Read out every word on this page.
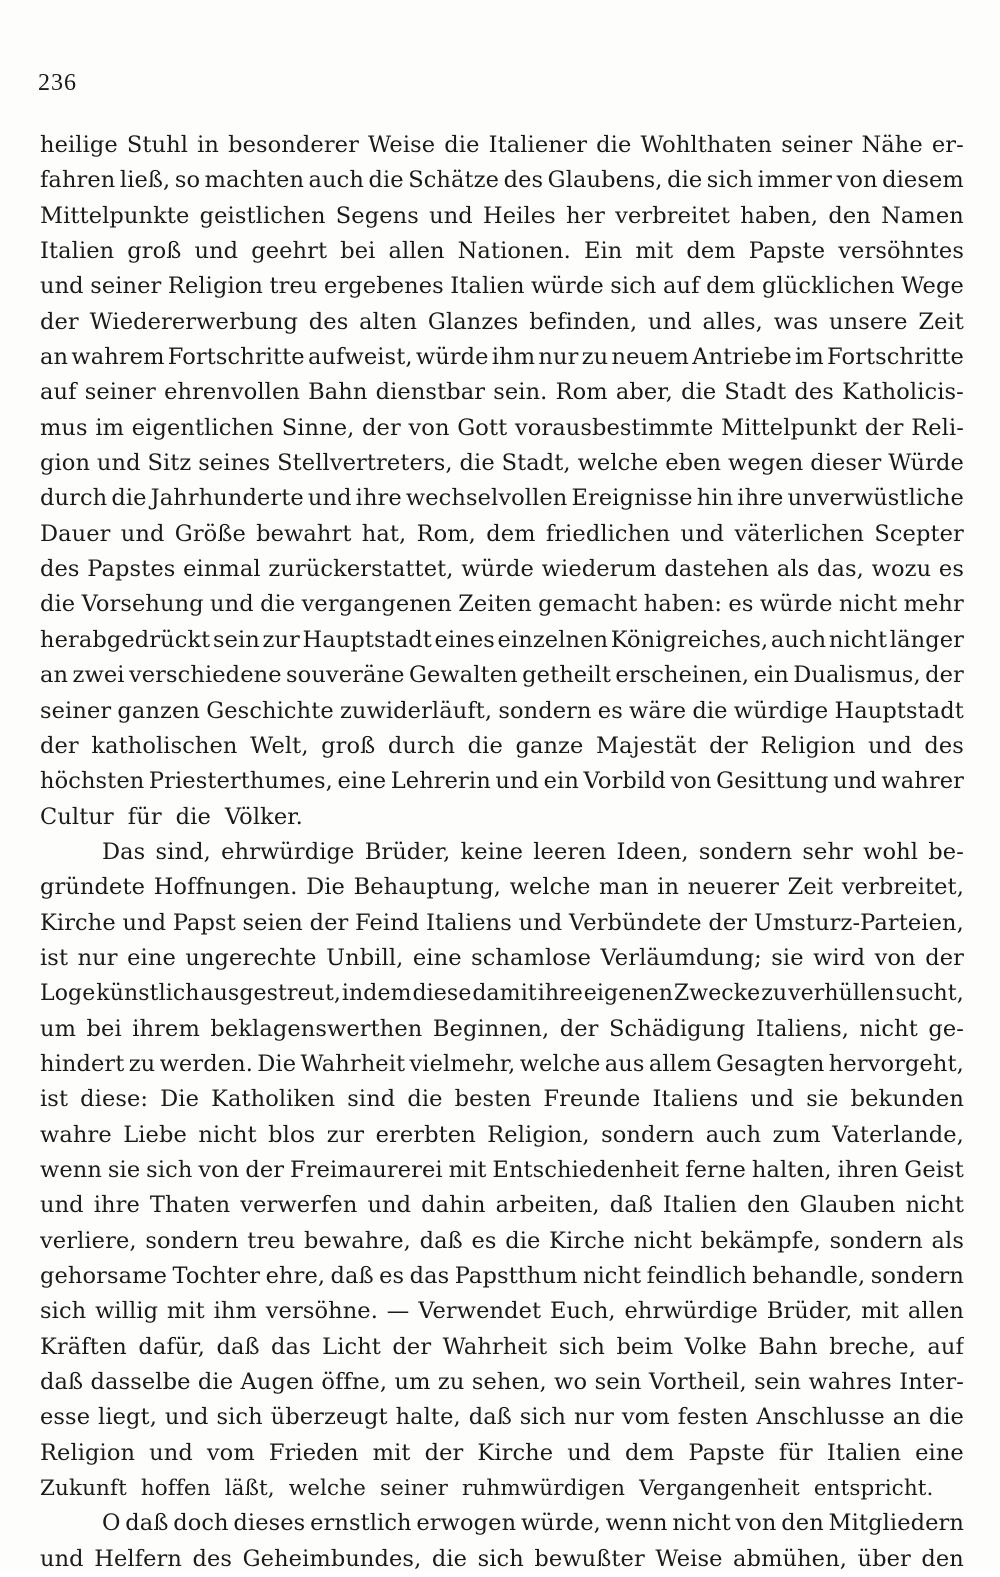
236
heilige Stuhl in besonderer Weise die Italiener die Wohlthaten seiner Nähe er-
fahren ließ, so machten auch die Schätze des Glaubens, die sich immer von diesem
Mittelpunkte geistlichen Segens und Heiles her verbreitet haben, den Namen
Italien groß und geehrt bei allen Nationen. Ein mit dem Papste versöhntes
und seiner Religion treu ergebenes Italien würde sich auf dem glücklichen Wege
der Wiedererwerbung des alten Glanzes befinden, und alles, was unsere Zeit
an wahrem Fortschritte aufweist, würde ihm nur zu neuem Antriebe im Fortschritte
auf seiner ehrenvollen Bahn dienstbar sein. Rom aber, die Stadt des Katholicis-
mus im eigentlichen Sinne, der von Gott vorausbestimmte Mittelpunkt der Reli-
gion und Sitz seines Stellvertreters, die Stadt, welche eben wegen dieser Würde
durch die Jahrhunderte und ihre wechselvollen Ereignisse hin ihre unverwüstliche
Dauer und Größe bewahrt hat, Rom, dem friedlichen und väterlichen Scepter
des Papstes einmal zurückerstattet, würde wiederum dastehen als das, wozu es
die Vorsehung und die vergangenen Zeiten gemacht haben: es würde nicht mehr
herabgedrückt sein zur Hauptstadt eines einzelnen Königreiches, auch nicht länger
an zwei verschiedene souveräne Gewalten getheilt erscheinen, ein Dualismus, der
seiner ganzen Geschichte zuwiderläuft, sondern es wäre die würdige Hauptstadt
der katholischen Welt, groß durch die ganze Majestät der Religion und des
höchsten Priesterthumes, eine Lehrerin und ein Vorbild von Gesittung und wahrer
Cultur für die Völker.
Das sind, ehrwürdige Brüder, keine leeren Ideen, sondern sehr wohl be-
gründete Hoffnungen. Die Behauptung, welche man in neuerer Zeit verbreitet,
Kirche und Papst seien der Feind Italiens und Verbündete der Umsturz-Parteien,
ist nur eine ungerechte Unbill, eine schamlose Verläumdung; sie wird von der
Loge künstlich ausgestreut, indem diese damit ihre eigenen Zwecke zu verhüllen sucht,
um bei ihrem beklagenswerthen Beginnen, der Schädigung Italiens, nicht ge-
hindert zu werden. Die Wahrheit vielmehr, welche aus allem Gesagten hervorgeht,
ist diese: Die Katholiken sind die besten Freunde Italiens und sie bekunden
wahre Liebe nicht blos zur ererbten Religion, sondern auch zum Vaterlande,
wenn sie sich von der Freimaurerei mit Entschiedenheit ferne halten, ihren Geist
und ihre Thaten verwerfen und dahin arbeiten, daß Italien den Glauben nicht
verliere, sondern treu bewahre, daß es die Kirche nicht bekämpfe, sondern als
gehorsame Tochter ehre, daß es das Papstthum nicht feindlich behandle, sondern
sich willig mit ihm versöhne. — Verwendet Euch, ehrwürdige Brüder, mit allen
Kräften dafür, daß das Licht der Wahrheit sich beim Volke Bahn breche, auf
daß dasselbe die Augen öffne, um zu sehen, wo sein Vortheil, sein wahres Inter-
esse liegt, und sich überzeugt halte, daß sich nur vom festen Anschlusse an die
Religion und vom Frieden mit der Kirche und dem Papste für Italien eine
Zukunft hoffen läßt, welche seiner ruhmwürdigen Vergangenheit entspricht.
O daß doch dieses ernstlich erwogen würde, wenn nicht von den Mitgliedern
und Helfern des Geheimbundes, die sich bewußter Weise abmühen, über den
